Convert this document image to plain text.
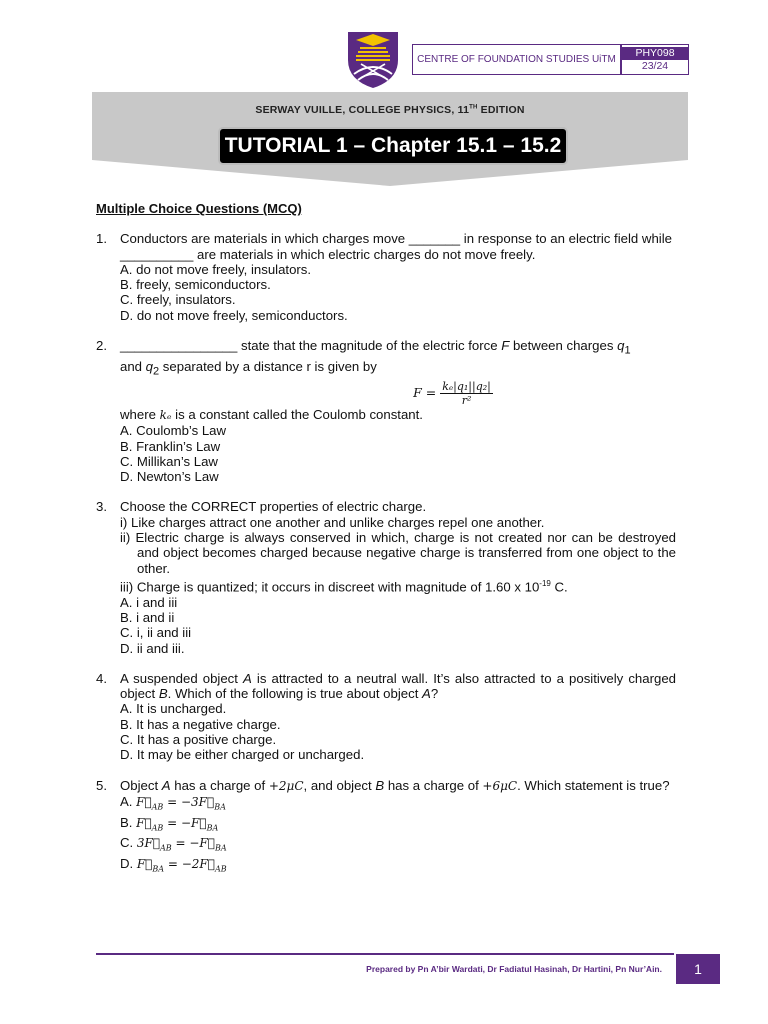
CENTRE OF FOUNDATION STUDIES UiTM
PHY098
23/24
SERWAY VUILLE, COLLEGE PHYSICS, 11TH EDITION
TUTORIAL 1 – Chapter 15.1 – 15.2
Multiple Choice Questions (MCQ)
1. Conductors are materials in which charges move _______ in response to an electric field while __________ are materials in which electric charges do not move freely.

A. do not move freely, insulators.

B. freely, semiconductors.

C. freely, insulators.

D. do not move freely, semiconductors.

2. ________________ state that the magnitude of the electric force F between charges $q_1$
and $q_2$ separated by a distance r is given by

$F = \frac{\text{kₑ|q₁||q₂|}}{\text{r²}}$

where kₑ is a constant called the Coulomb constant.

A. Coulomb’s Law

B. Franklin’s Law

C. Millikan’s Law

D. Newton’s Law

3. Choose the CORRECT properties of electric charge.

i) Like charges attract one another and unlike charges repel one another.

ii) Electric charge is always conserved in which, charge is not created nor can be destroyed and object becomes charged because negative charge is transferred from one object to the other.

iii) Charge is quantized; it occurs in discreet with magnitude of 1.60 x $10^{-19}$ C.

A. i and iii

B. i and ii

C. i, ii and iii

D. ii and iii.

4. A suspended object A is attracted to a neutral wall. It’s also attracted to a positively charged object B. Which of the following is true about object A?

A. It is uncharged.

B. It has a negative charge.

C. It has a positive charge.

D. It may be either charged or uncharged.

5. Object A has a charge of +2μC, and object B has a charge of +6μC. Which statement is true?

A. $F⃗_{AB}$ = $-3F⃗_{BA}$

B. $F⃗_{AB}$ = $-F⃗_{BA}$

C. $3F⃗_{AB}$ = $-F⃗_{BA}$

D. $F⃗_{BA}$ = $-2F⃗_{AB}$

Prepared by Pn A’bir Wardati, Dr Fadiatul Hasinah, Dr Hartini, Pn Nur’Ain.	1
